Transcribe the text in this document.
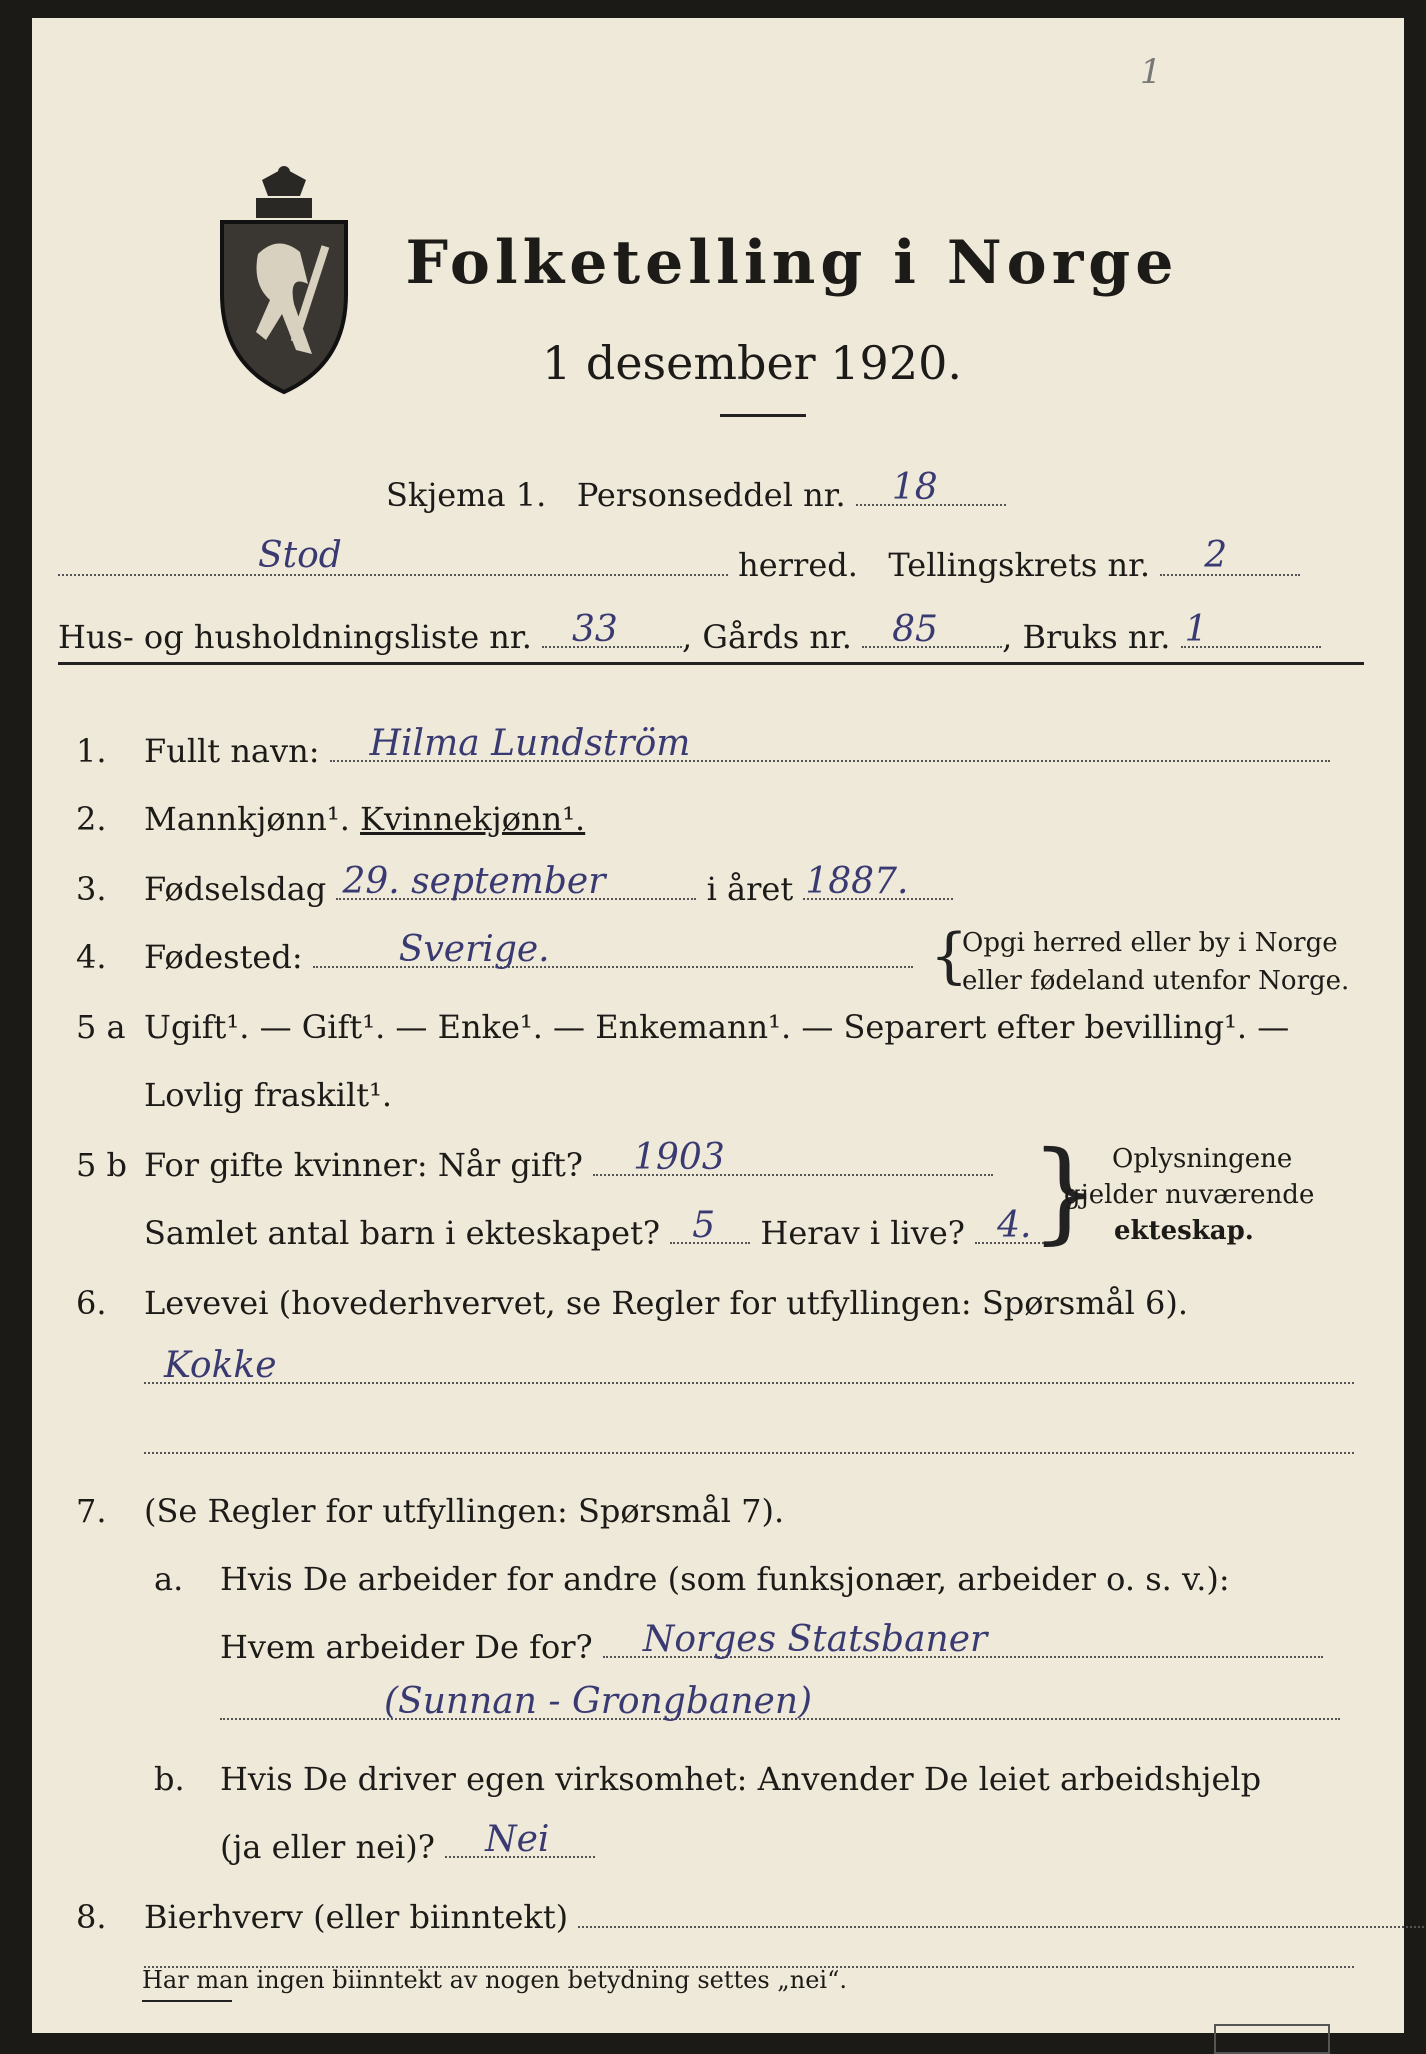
1
Folketelling i Norge
1 desember 1920.
Skjema 1. Personseddel nr. 18
Stod	herred. Tellingskrets nr. 2
Hus- og husholdningsliste nr. 33 , Gårds nr. 85 , Bruks nr. 1
1. Fullt navn: Hilma Lundström
2. Mannkjønn¹. Kvinnekjønn¹.
3. Fødselsdag 29. september	i året 1887.
4. Fødested:	Sverige.	{
Opgi herred eller by i Norge
eller fødeland utenfor Norge.
5 a Ugift¹. — Gift¹. — Enke¹. — Enkemann¹. — Separert efter bevilling¹. —
Lovlig fraskilt¹.
5 b For gifte kvinner: Når gift? 1903
Samlet antal barn i ekteskapet? 5 Herav i live? 4.
} Oplysningene
gjelder nuværende
ekteskap.
6. Levevei (hovederhvervet, se Regler for utfyllingen: Spørsmål 6).
Kokke
7. (Se Regler for utfyllingen: Spørsmål 7).
a. Hvis De arbeider for andre (som funksjonær, arbeider o. s. v.):
Hvem arbeider De for? Norges Statsbaner
(Sunnan - Grongbanen)
b. Hvis De driver egen virksomhet: Anvender De leiet arbeidshjelp
(ja eller nei)? Nei
8. Bierhverv (eller biinntekt)
Har man ingen biinntekt av nogen betydning settes „nei“.
